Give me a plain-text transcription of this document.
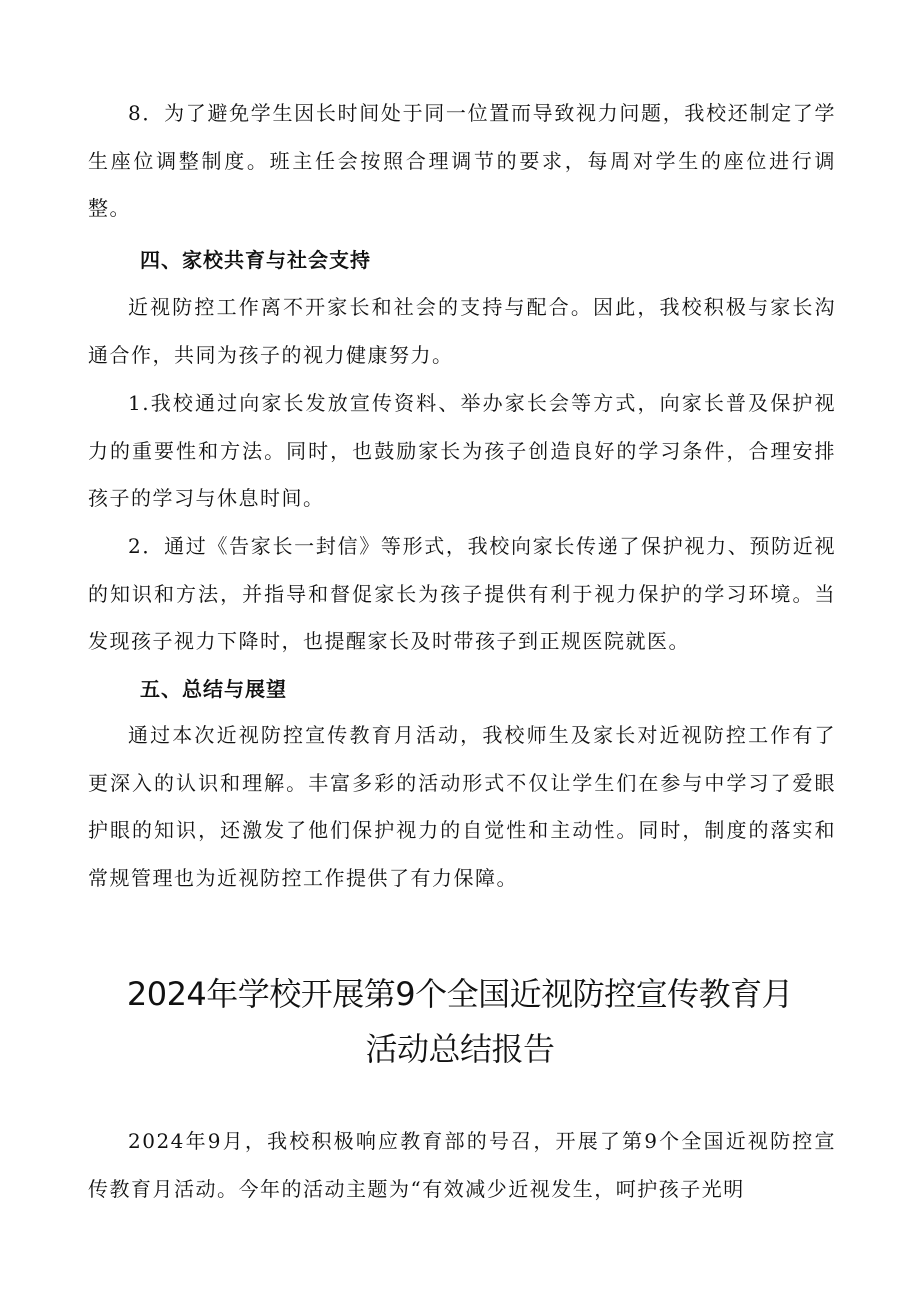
8．为了避免学生因长时间处于同一位置而导致视力问题，我校还制定了学生座位调整制度。班主任会按照合理调节的要求，每周对学生的座位进行调整。

四、家校共育与社会支持

近视防控工作离不开家长和社会的支持与配合。因此，我校积极与家长沟通合作，共同为孩子的视力健康努力。

1.我校通过向家长发放宣传资料、举办家长会等方式，向家长普及保护视力的重要性和方法。同时，也鼓励家长为孩子创造良好的学习条件，合理安排孩子的学习与休息时间。

2．通过《告家长一封信》等形式，我校向家长传递了保护视力、预防近视的知识和方法，并指导和督促家长为孩子提供有利于视力保护的学习环境。当发现孩子视力下降时，也提醒家长及时带孩子到正规医院就医。

五、总结与展望

通过本次近视防控宣传教育月活动，我校师生及家长对近视防控工作有了更深入的认识和理解。丰富多彩的活动形式不仅让学生们在参与中学习了爱眼护眼的知识，还激发了他们保护视力的自觉性和主动性。同时，制度的落实和常规管理也为近视防控工作提供了有力保障。

2024年学校开展第9个全国近视防控宣传教育月
活动总结报告

2024年9月，我校积极响应教育部的号召，开展了第9个全国近视防控宣传教育月活动。今年的活动主题为“有效减少近视发生，呵护孩子光明
